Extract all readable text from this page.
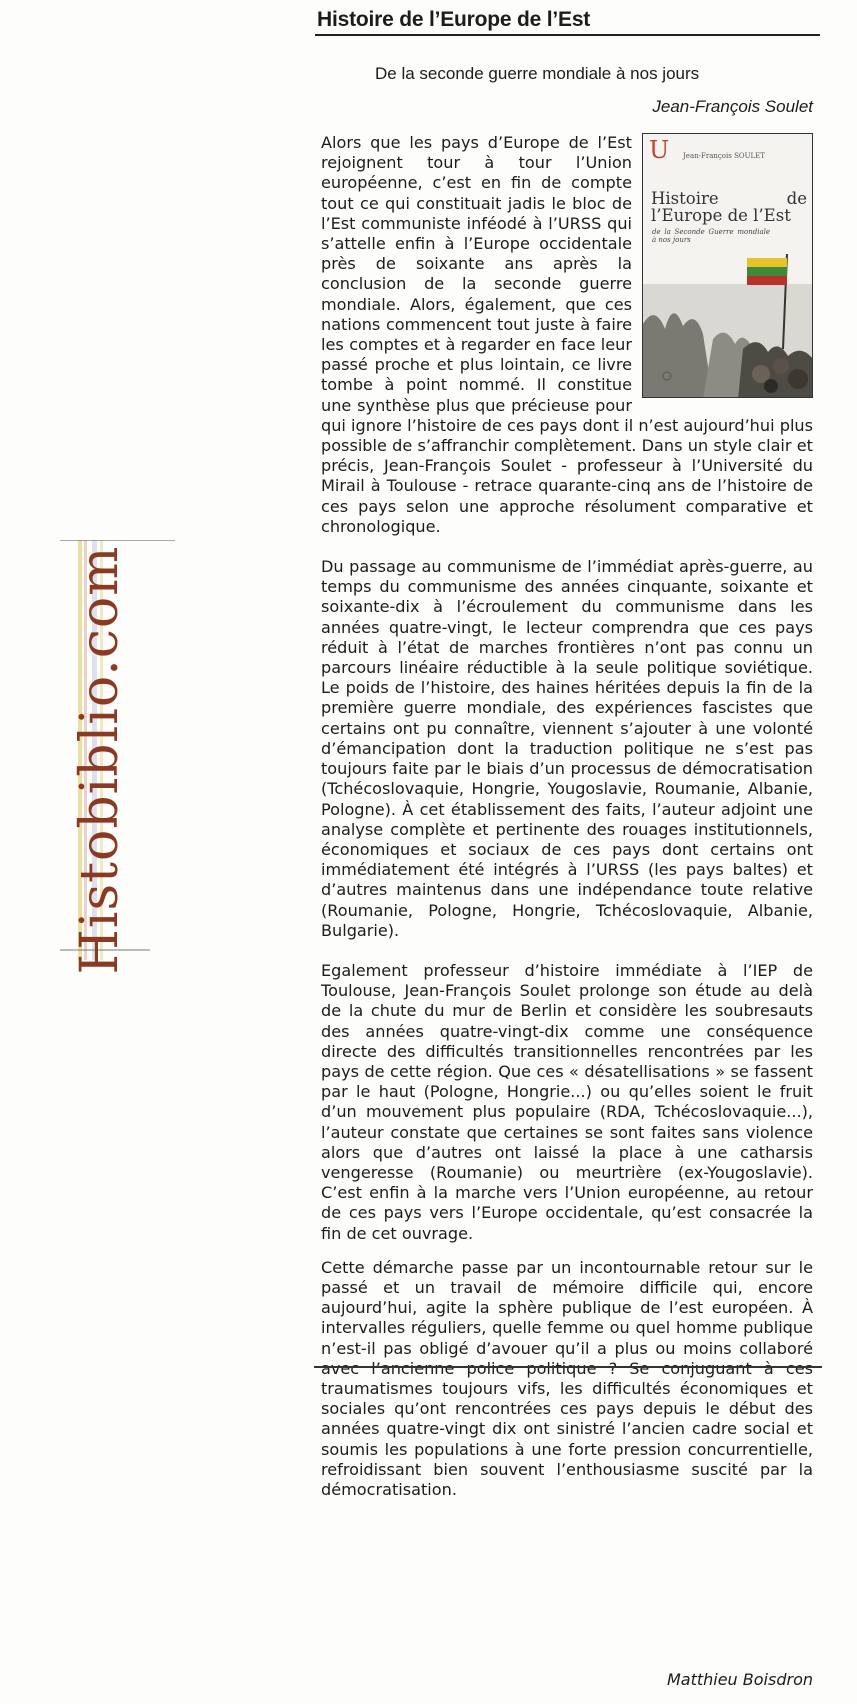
Histoire de l’Europe de l’Est
De la seconde guerre mondiale à nos jours
Jean-François Soulet
U Jean-François SOULET
Histoire de l’Europe de l’Est
de la Seconde Guerre mondiale à nos jours

Alors que les pays d’Europe de l’Est rejoignent tour à tour l’Union européenne, c’est en fin de compte tout ce qui constituait jadis le bloc de l’Est communiste inféodé à l’URSS qui s’attelle enfin à l’Europe occidentale près de soixante ans après la conclusion de la seconde guerre mondiale. Alors, également, que ces nations commencent tout juste à faire les comptes et à regarder en face leur passé proche et plus lointain, ce livre tombe à point nommé. Il constitue une synthèse plus que précieuse pour qui ignore l’histoire de ces pays dont il n’est aujourd’hui plus possible de s’affranchir complètement. Dans un style clair et précis, Jean-François Soulet - professeur à l’Université du Mirail à Toulouse - retrace quarante-cinq ans de l’histoire de ces pays selon une approche résolument comparative et chronologique.

Du passage au communisme de l’immédiat après-guerre, au temps du communisme des années cinquante, soixante et soixante-dix à l’écroulement du communisme dans les années quatre-vingt, le lecteur comprendra que ces pays réduit à l’état de marches frontières n’ont pas connu un parcours linéaire réductible à la seule politique soviétique. Le poids de l’histoire, des haines héritées depuis la fin de la première guerre mondiale, des expériences fascistes que certains ont pu connaître, viennent s’ajouter à une volonté d’émancipation dont la traduction politique ne s’est pas toujours faite par le biais d’un processus de démocratisation (Tchécoslovaquie, Hongrie, Yougoslavie, Roumanie, Albanie, Pologne). À cet établissement des faits, l’auteur adjoint une analyse complète et pertinente des rouages institutionnels, économiques et sociaux de ces pays dont certains ont immédiatement été intégrés à l’URSS (les pays baltes) et d’autres maintenus dans une indépendance toute relative (Roumanie, Pologne, Hongrie, Tchécoslovaquie, Albanie, Bulgarie).

Egalement professeur d’histoire immédiate à l’IEP de Toulouse, Jean-François Soulet prolonge son étude au delà de la chute du mur de Berlin et considère les soubresauts des années quatre-vingt-dix comme une conséquence directe des difficultés transitionnelles rencontrées par les pays de cette région. Que ces « désatellisations » se fassent par le haut (Pologne, Hongrie...) ou qu’elles soient le fruit d’un mouvement plus populaire (RDA, Tchécoslovaquie...), l’auteur constate que certaines se sont faites sans violence alors que d’autres ont laissé la place à une catharsis vengeresse (Roumanie) ou meurtrière (ex-Yougoslavie). C’est enfin à la marche vers l’Union européenne, au retour de ces pays vers l’Europe occidentale, qu’est consacrée la fin de cet ouvrage.

Cette démarche passe par un incontournable retour sur le passé et un travail de mémoire difficile qui, encore aujourd’hui, agite la sphère publique de l’est européen. À intervalles réguliers, quelle femme ou quel homme publique n’est-il pas obligé d’avouer qu’il a plus ou moins collaboré avec l’ancienne police politique ? Se conjuguant à ces traumatismes toujours vifs, les difficultés économiques et sociales qu’ont rencontrées ces pays depuis le début des années quatre-vingt dix ont sinistré l’ancien cadre social et soumis les populations à une forte pression concurrentielle, refroidissant bien souvent l’enthousiasme suscité par la démocratisation.

Matthieu Boisdron
Histobiblio.com
